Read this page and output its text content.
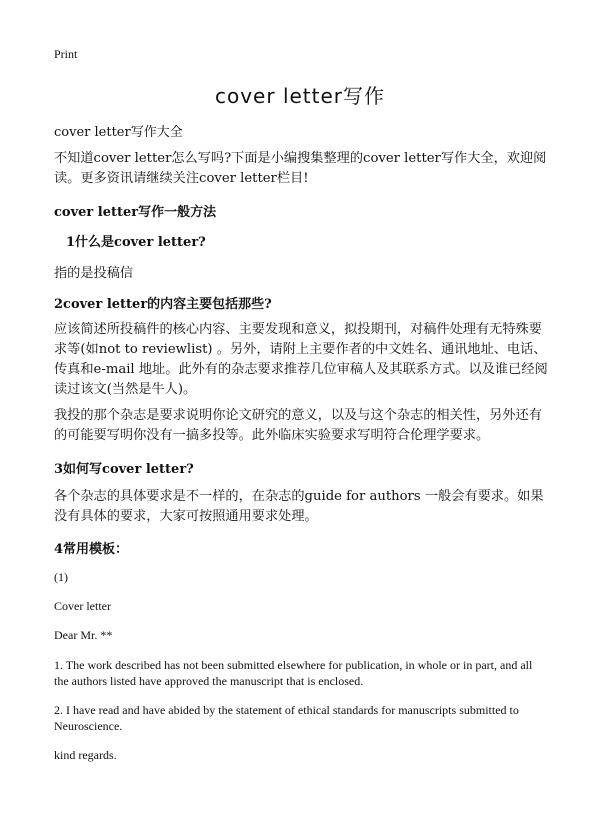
Print
cover letter写作
cover letter写作大全
不知道cover letter怎么写吗?下面是小编搜集整理的cover letter写作大全，欢迎阅读。更多资讯请继续关注cover letter栏目!
cover letter写作一般方法
1什么是cover letter?
指的是投稿信
2cover letter的内容主要包括那些?
应该简述所投稿件的核心内容、主要发现和意义，拟投期刊，对稿件处理有无特殊要求等(如not to reviewlist) 。另外，请附上主要作者的中文姓名、通讯地址、电话、传真和e-mail 地址。此外有的杂志要求推荐几位审稿人及其联系方式。以及谁已经阅读过该文(当然是牛人)。
我投的那个杂志是要求说明你论文研究的意义，以及与这个杂志的相关性，另外还有的可能要写明你没有一搞多投等。此外临床实验要求写明符合伦理学要求。
3如何写cover letter?
各个杂志的具体要求是不一样的，在杂志的guide for authors 一般会有要求。如果没有具体的要求，大家可按照通用要求处理。
4常用模板：
(1)
Cover letter
Dear Mr. **
1. The work described has not been submitted elsewhere for publication, in whole or in part, and all the authors listed have approved the manuscript that is enclosed.
2. I have read and have abided by the statement of ethical standards for manuscripts submitted to Neuroscience.
kind regards.
